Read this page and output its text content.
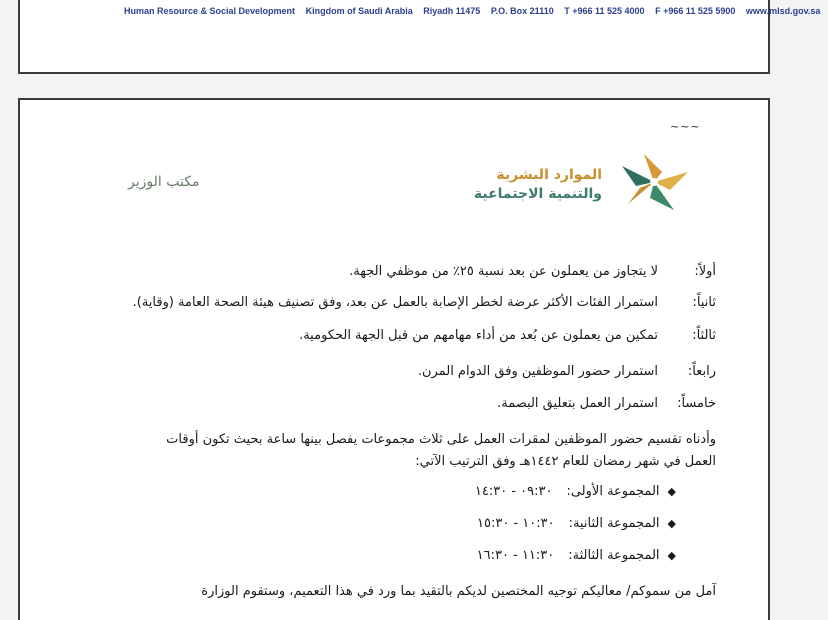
Human Resource & Social Development Kingdom of Saudi Arabia Riyadh 11475 P.O. Box 21110 T +966 11 525 4000 F +966 11 525 5900 www.mlsd.gov.sa
~~~
مكتب الوزير	الموارد البشرية
والتنمية الاجتماعية
أولاً:
لا يتجاوز من يعملون عن بعد نسبة ٢٥٪ من موظفي الجهة.
ثانياً:
استمرار الفئات الأكثر عرضة لخطر الإصابة بالعمل عن بعد، وفق تصنيف هيئة الصحة العامة (وقاية).
ثالثاً:
تمكين من يعملون عن بُعد من أداء مهامهم من قبل الجهة الحكومية.
رابعاً:
استمرار حضور الموظفين وفق الدوام المرن.
خامساً:
استمرار العمل بتعليق البصمة.
وأدناه تقسيم حضور الموظفين لمقرات العمل على ثلاث مجموعات يفصل بينها ساعة بحيث تكون أوقات
العمل في شهر رمضان للعام ١٤٤٢هـ وفق الترتيب الآتي:
◆
المجموعة الأولى:
٠٩:٣٠ - ١٤:٣٠
◆
المجموعة الثانية:
١٠:٣٠ - ١٥:٣٠
◆
المجموعة الثالثة:
١١:٣٠ - ١٦:٣٠
آمل من سموكم/ معاليكم توجيه المختصين لديكم بالتقيد بما ورد في هذا التعميم، وستقوم الوزارة
